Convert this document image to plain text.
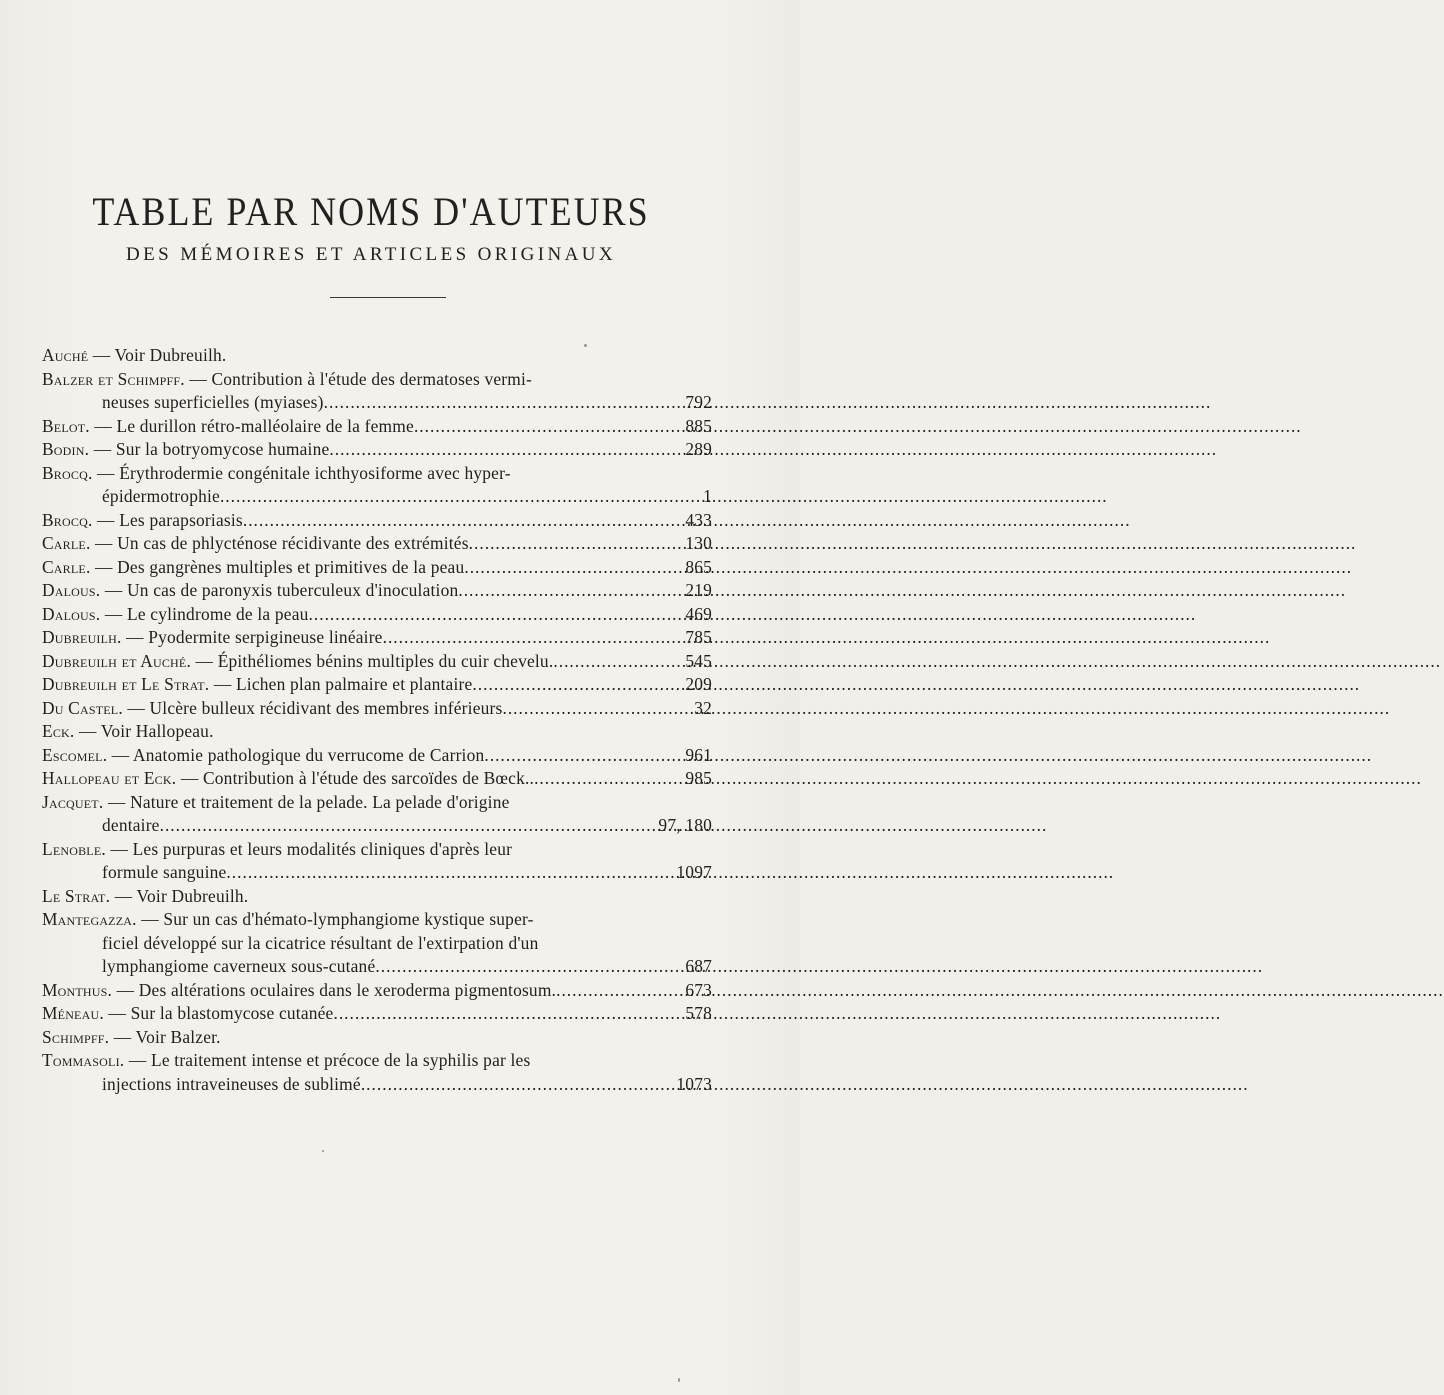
TABLE PAR NOMS D'AUTEURS
DES MÉMOIRES ET ARTICLES ORIGINAUX
Auché — Voir Dubreuilh.
Balzer et Schimpff. — Contribution à l'étude des dermatoses vermi-
neuses superficielles (myiases) .....	792
Belot. — Le durillon rétro-malléolaire de la femme .....	885
Bodin. — Sur la botryomycose humaine .....	289
Brocq. — Érythrodermie congénitale ichthyosiforme avec hyper-
épidermotrophie .....	1
Brocq. — Les parapsoriasis .....	433
Carle. — Un cas de phlycténose récidivante des extrémités .....	130
Carle. — Des gangrènes multiples et primitives de la peau .....	865
Dalous. — Un cas de paronyxis tuberculeux d'inoculation .....	219
Dalous. — Le cylindrome de la peau .....	469
Dubreuilh. — Pyodermite serpigineuse linéaire .....	785
Dubreuilh et Auché. — Épithéliomes bénins multiples du cuir chevelu. .....	545
Dubreuilh et Le Strat. — Lichen plan palmaire et plantaire .....	209
Du Castel. — Ulcère bulleux récidivant des membres inférieurs .....	32
Eck. — Voir Hallopeau.
Escomel. — Anatomie pathologique du verrucome de Carrion .....	961
Hallopeau et Eck. — Contribution à l'étude des sarcoïdes de Bœck.. .....	985
Jacquet. — Nature et traitement de la pelade. La pelade d'origine
dentaire .....	97, 180
Lenoble. — Les purpuras et leurs modalités cliniques d'après leur
formule sanguine .....	1097
Le Strat. — Voir Dubreuilh.
Mantegazza. — Sur un cas d'hémato-lymphangiome kystique super-
ficiel développé sur la cicatrice résultant de l'extirpation d'un
lymphangiome caverneux sous-cutané .....	687
Monthus. — Des altérations oculaires dans le xeroderma pigmentosum. .....	673
Méneau. — Sur la blastomycose cutanée .....	578
Schimpff. — Voir Balzer.
Tommasoli. — Le traitement intense et précoce de la syphilis par les
injections intraveineuses de sublimé .....	1073
